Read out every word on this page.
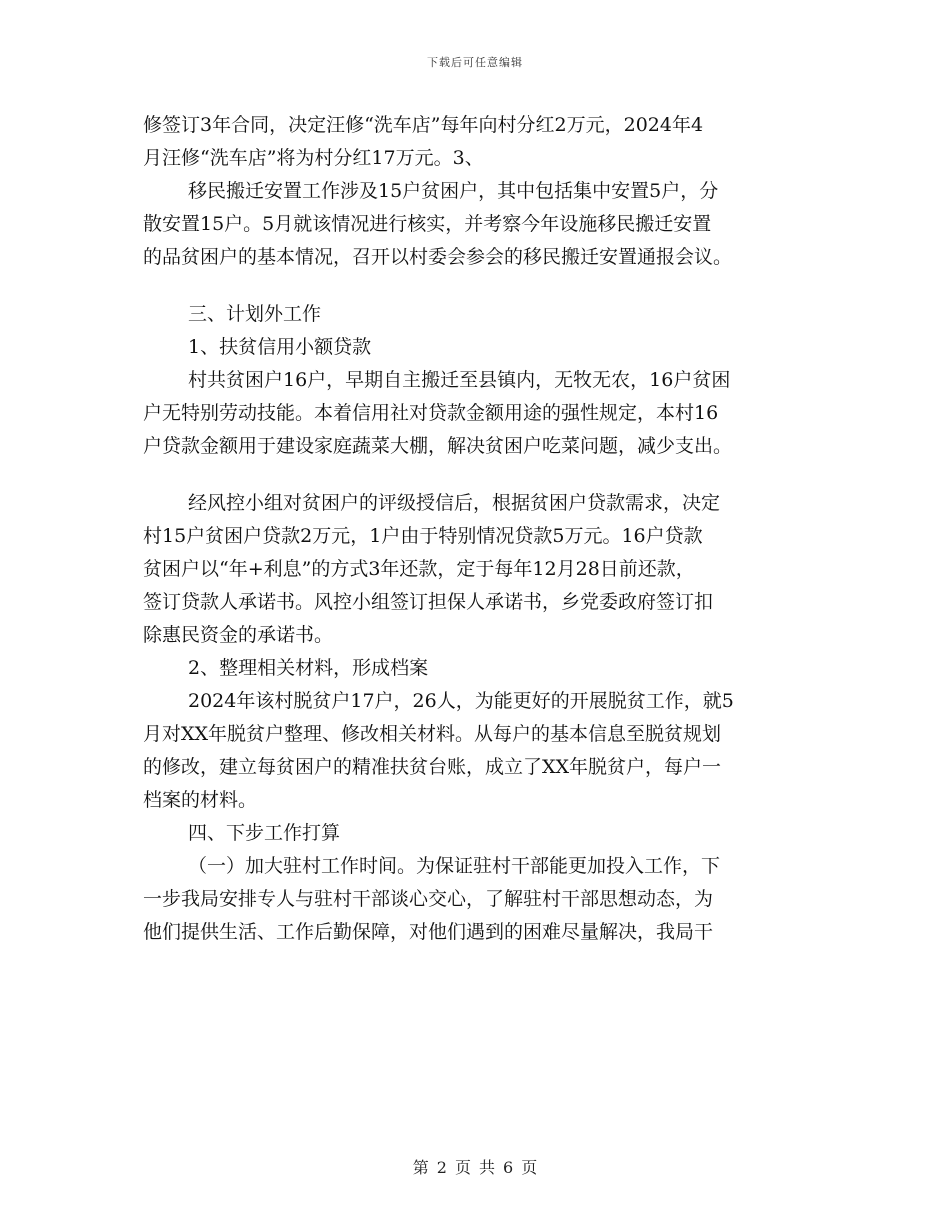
下载后可任意编辑
修签订3年合同，决定汪修“洗车店”每年向村分红2万元，2024年4
月汪修“洗车店”将为村分红17万元。3、
移民搬迁安置工作涉及15户贫困户，其中包括集中安置5户，分
散安置15户。5月就该情况进行核实，并考察今年设施移民搬迁安置
的品贫困户的基本情况，召开以村委会参会的移民搬迁安置通报会议。
三、计划外工作
1、扶贫信用小额贷款
村共贫困户16户，早期自主搬迁至县镇内，无牧无农，16户贫困
户无特别劳动技能。本着信用社对贷款金额用途的强性规定，本村16
户贷款金额用于建设家庭蔬菜大棚，解决贫困户吃菜问题，减少支出。
经风控小组对贫困户的评级授信后，根据贫困户贷款需求，决定
村15户贫困户贷款2万元，1户由于特别情况贷款5万元。16户贷款
贫困户以“年+利息”的方式3年还款，定于每年12月28日前还款，
签订贷款人承诺书。风控小组签订担保人承诺书，乡党委政府签订扣
除惠民资金的承诺书。
2、整理相关材料，形成档案
2024年该村脱贫户17户，26人，为能更好的开展脱贫工作，就5
月对XX年脱贫户整理、修改相关材料。从每户的基本信息至脱贫规划
的修改，建立每贫困户的精准扶贫台账，成立了XX年脱贫户，每户一
档案的材料。
四、下步工作打算
（一）加大驻村工作时间。为保证驻村干部能更加投入工作，下
一步我局安排专人与驻村干部谈心交心，了解驻村干部思想动态，为
他们提供生活、工作后勤保障，对他们遇到的困难尽量解决，我局干
第 2 页 共 6 页
